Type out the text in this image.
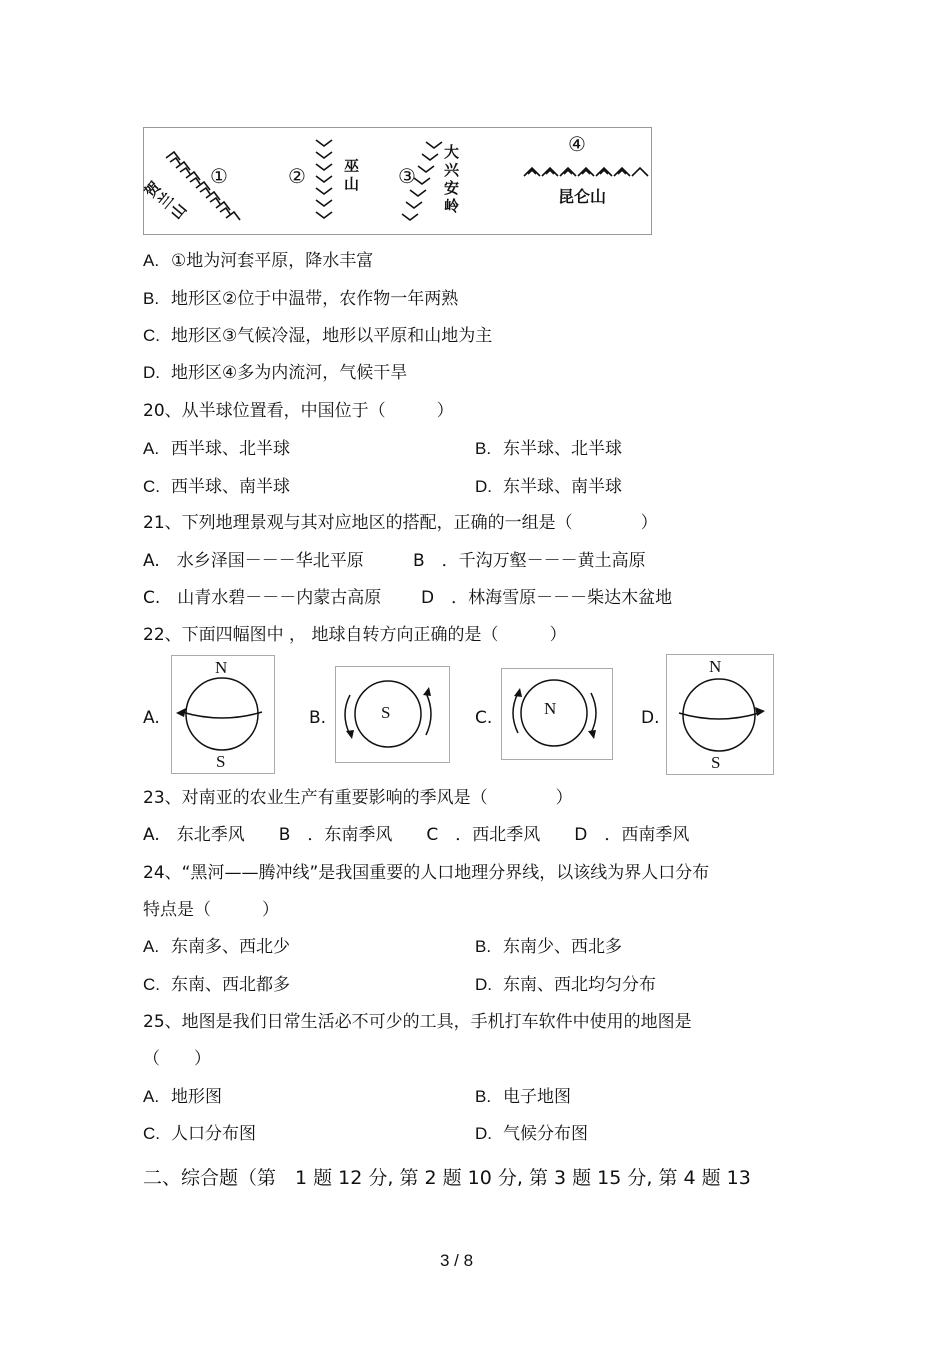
①	②	③
④
贺兰山
巫山
大兴安岭
昆仑山
A. ①地为河套平原，降水丰富
B. 地形区②位于中温带，农作物一年两熟
C. 地形区③气候冷湿，地形以平原和山地为主
D. 地形区④多为内流河，气候干旱
20、从半球位置看，中国位于（　　　）
A. 西半球、北半球	B. 东半球、北半球
C. 西半球、南半球	D. 东半球、南半球
21、下列地理景观与其对应地区的搭配，正确的一组是（　　　　）
A.　水乡泽国－－－华北平原	B　．千沟万壑－－－黄土高原
C.　山青水碧－－－内蒙古高原 D　．林海雪原－－－柴达木盆地
22、下面四幅图中 ， 地球自转方向正确的是（　　　）
A.
N
S
B.	S	C.	N	D.
N
S
23、对南亚的农业生产有重要影响的季风是（　　　　）
A.　东北季风　　B　．东南季风　　C　．西北季风　　D　．西南季风
24、“黑河——腾冲线”是我国重要的人口地理分界线，以该线为界人口分布
特点是（　　　）
A. 东南多、西北少	B. 东南少、西北多
C. 东南、西北都多	D. 东南、西北均匀分布
25、地图是我们日常生活必不可少的工具，手机打车软件中使用的地图是
（　　）
A. 地形图	B. 电子地图
C. 人口分布图	D. 气候分布图
二、综合题（第　1 题 12 分, 第 2 题 10 分, 第 3 题 15 分, 第 4 题 13
3 / 8
